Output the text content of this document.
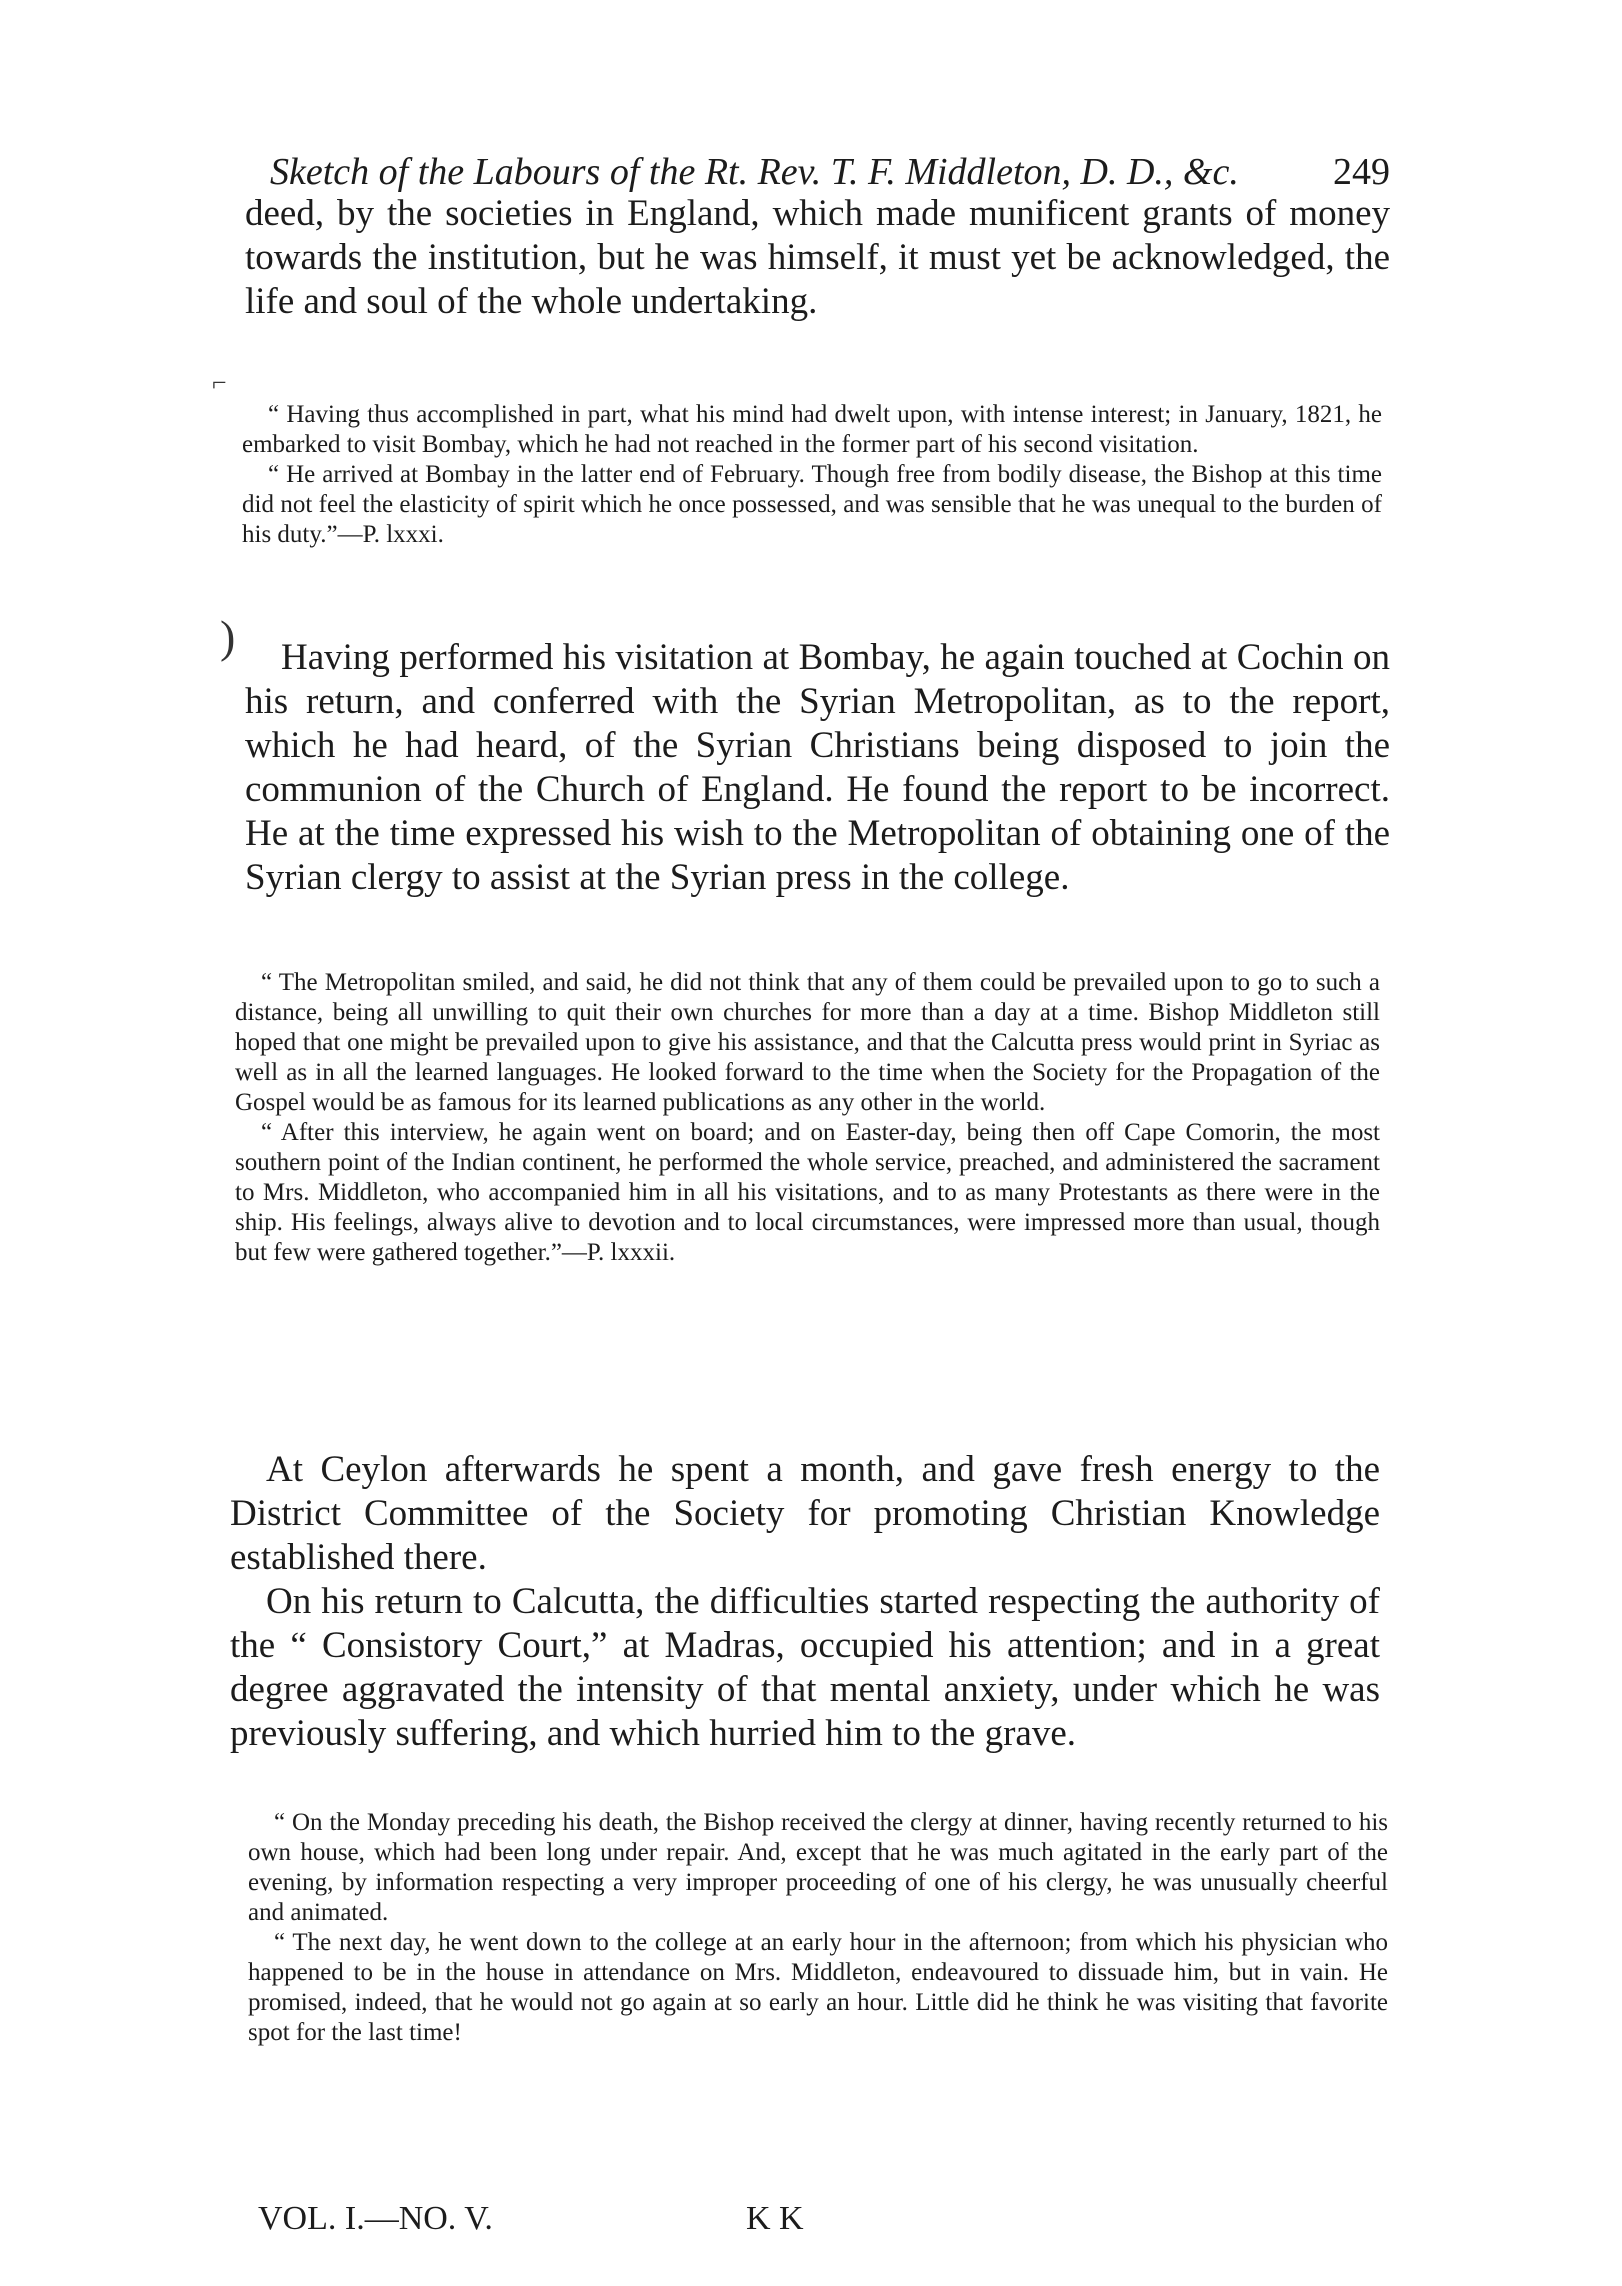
Sketch of the Labours of the Rt. Rev. T. F. Middleton, D. D., &c. 249

deed, by the societies in England, which made munificent grants of money towards the institution, but he was himself, it must yet be acknowledged, the life and soul of the whole undertaking.

“ Having thus accomplished in part, what his mind had dwelt upon, with intense interest; in January, 1821, he embarked to visit Bombay, which he had not reached in the former part of his second visitation.

“ He arrived at Bombay in the latter end of February. Though free from bodily disease, the Bishop at this time did not feel the elasticity of spirit which he once possessed, and was sensible that he was unequal to the burden of his duty.”—P. lxxxi.

Having performed his visitation at Bombay, he again touched at Cochin on his return, and conferred with the Syrian Metropolitan, as to the report, which he had heard, of the Syrian Christians being disposed to join the communion of the Church of England. He found the report to be incorrect. He at the time expressed his wish to the Metropolitan of obtaining one of the Syrian clergy to assist at the Syrian press in the college.

“ The Metropolitan smiled, and said, he did not think that any of them could be prevailed upon to go to such a distance, being all unwilling to quit their own churches for more than a day at a time. Bishop Middleton still hoped that one might be prevailed upon to give his assistance, and that the Calcutta press would print in Syriac as well as in all the learned languages. He looked forward to the time when the Society for the Propagation of the Gospel would be as famous for its learned publications as any other in the world.

“ After this interview, he again went on board; and on Easter-day, being then off Cape Comorin, the most southern point of the Indian continent, he performed the whole service, preached, and administered the sacrament to Mrs. Middleton, who accompanied him in all his visitations, and to as many Protestants as there were in the ship. His feelings, always alive to devotion and to local circumstances, were impressed more than usual, though but few were gathered together.”—P. lxxxii.

At Ceylon afterwards he spent a month, and gave fresh energy to the District Committee of the Society for promoting Christian Knowledge established there.

On his return to Calcutta, the difficulties started respecting the authority of the “ Consistory Court,” at Madras, occupied his attention; and in a great degree aggravated the intensity of that mental anxiety, under which he was previously suffering, and which hurried him to the grave.

“ On the Monday preceding his death, the Bishop received the clergy at dinner, having recently returned to his own house, which had been long under repair. And, except that he was much agitated in the early part of the evening, by information respecting a very improper proceeding of one of his clergy, he was unusually cheerful and animated.

“ The next day, he went down to the college at an early hour in the afternoon; from which his physician who happened to be in the house in attendance on Mrs. Middleton, endeavoured to dissuade him, but in vain. He promised, indeed, that he would not go again at so early an hour. Little did he think he was visiting that favorite spot for the last time!

VOL. I.—NO. V.	K K
⌐
)
